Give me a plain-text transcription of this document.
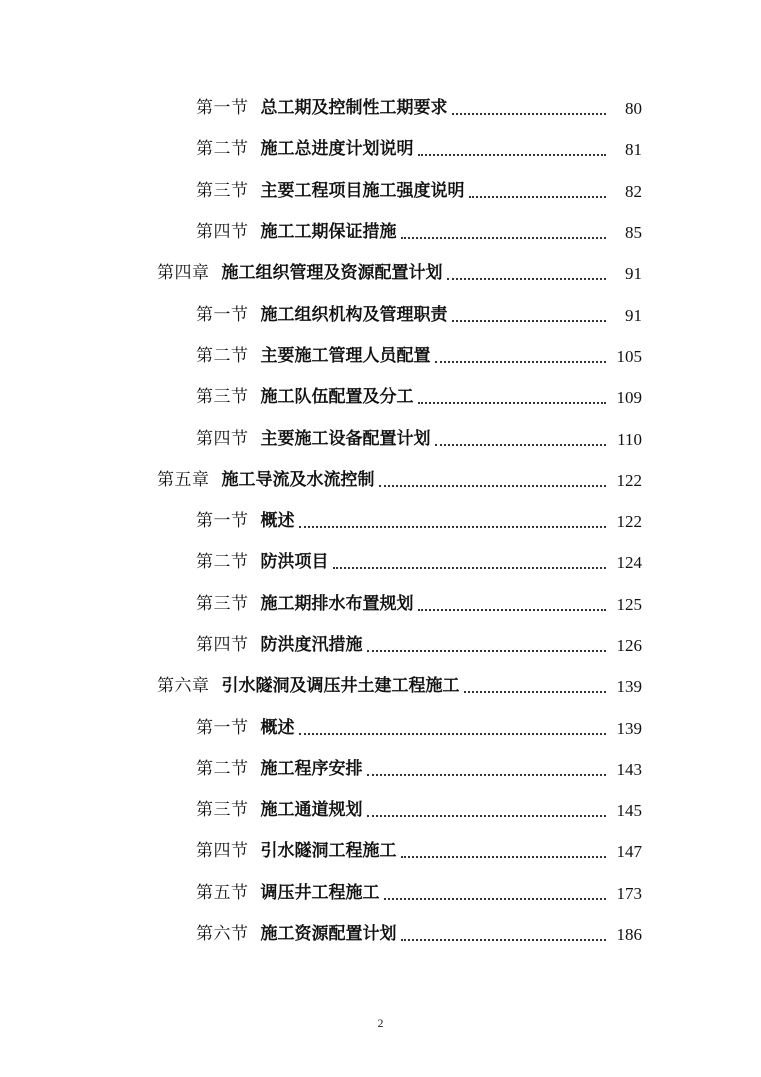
第一节 总工期及控制性工期要求	80
第二节 施工总进度计划说明	81
第三节 主要工程项目施工强度说明	82
第四节 施工工期保证措施	85
第四章 施工组织管理及资源配置计划	91
第一节 施工组织机构及管理职责	91
第二节 主要施工管理人员配置	105
第三节 施工队伍配置及分工	109
第四节 主要施工设备配置计划	110
第五章 施工导流及水流控制	122
第一节 概述	122
第二节 防洪项目	124
第三节 施工期排水布置规划	125
第四节 防洪度汛措施	126
第六章 引水隧洞及调压井土建工程施工	139
第一节 概述	139
第二节 施工程序安排	143
第三节 施工通道规划	145
第四节 引水隧洞工程施工	147
第五节 调压井工程施工	173
第六节 施工资源配置计划	186
2
